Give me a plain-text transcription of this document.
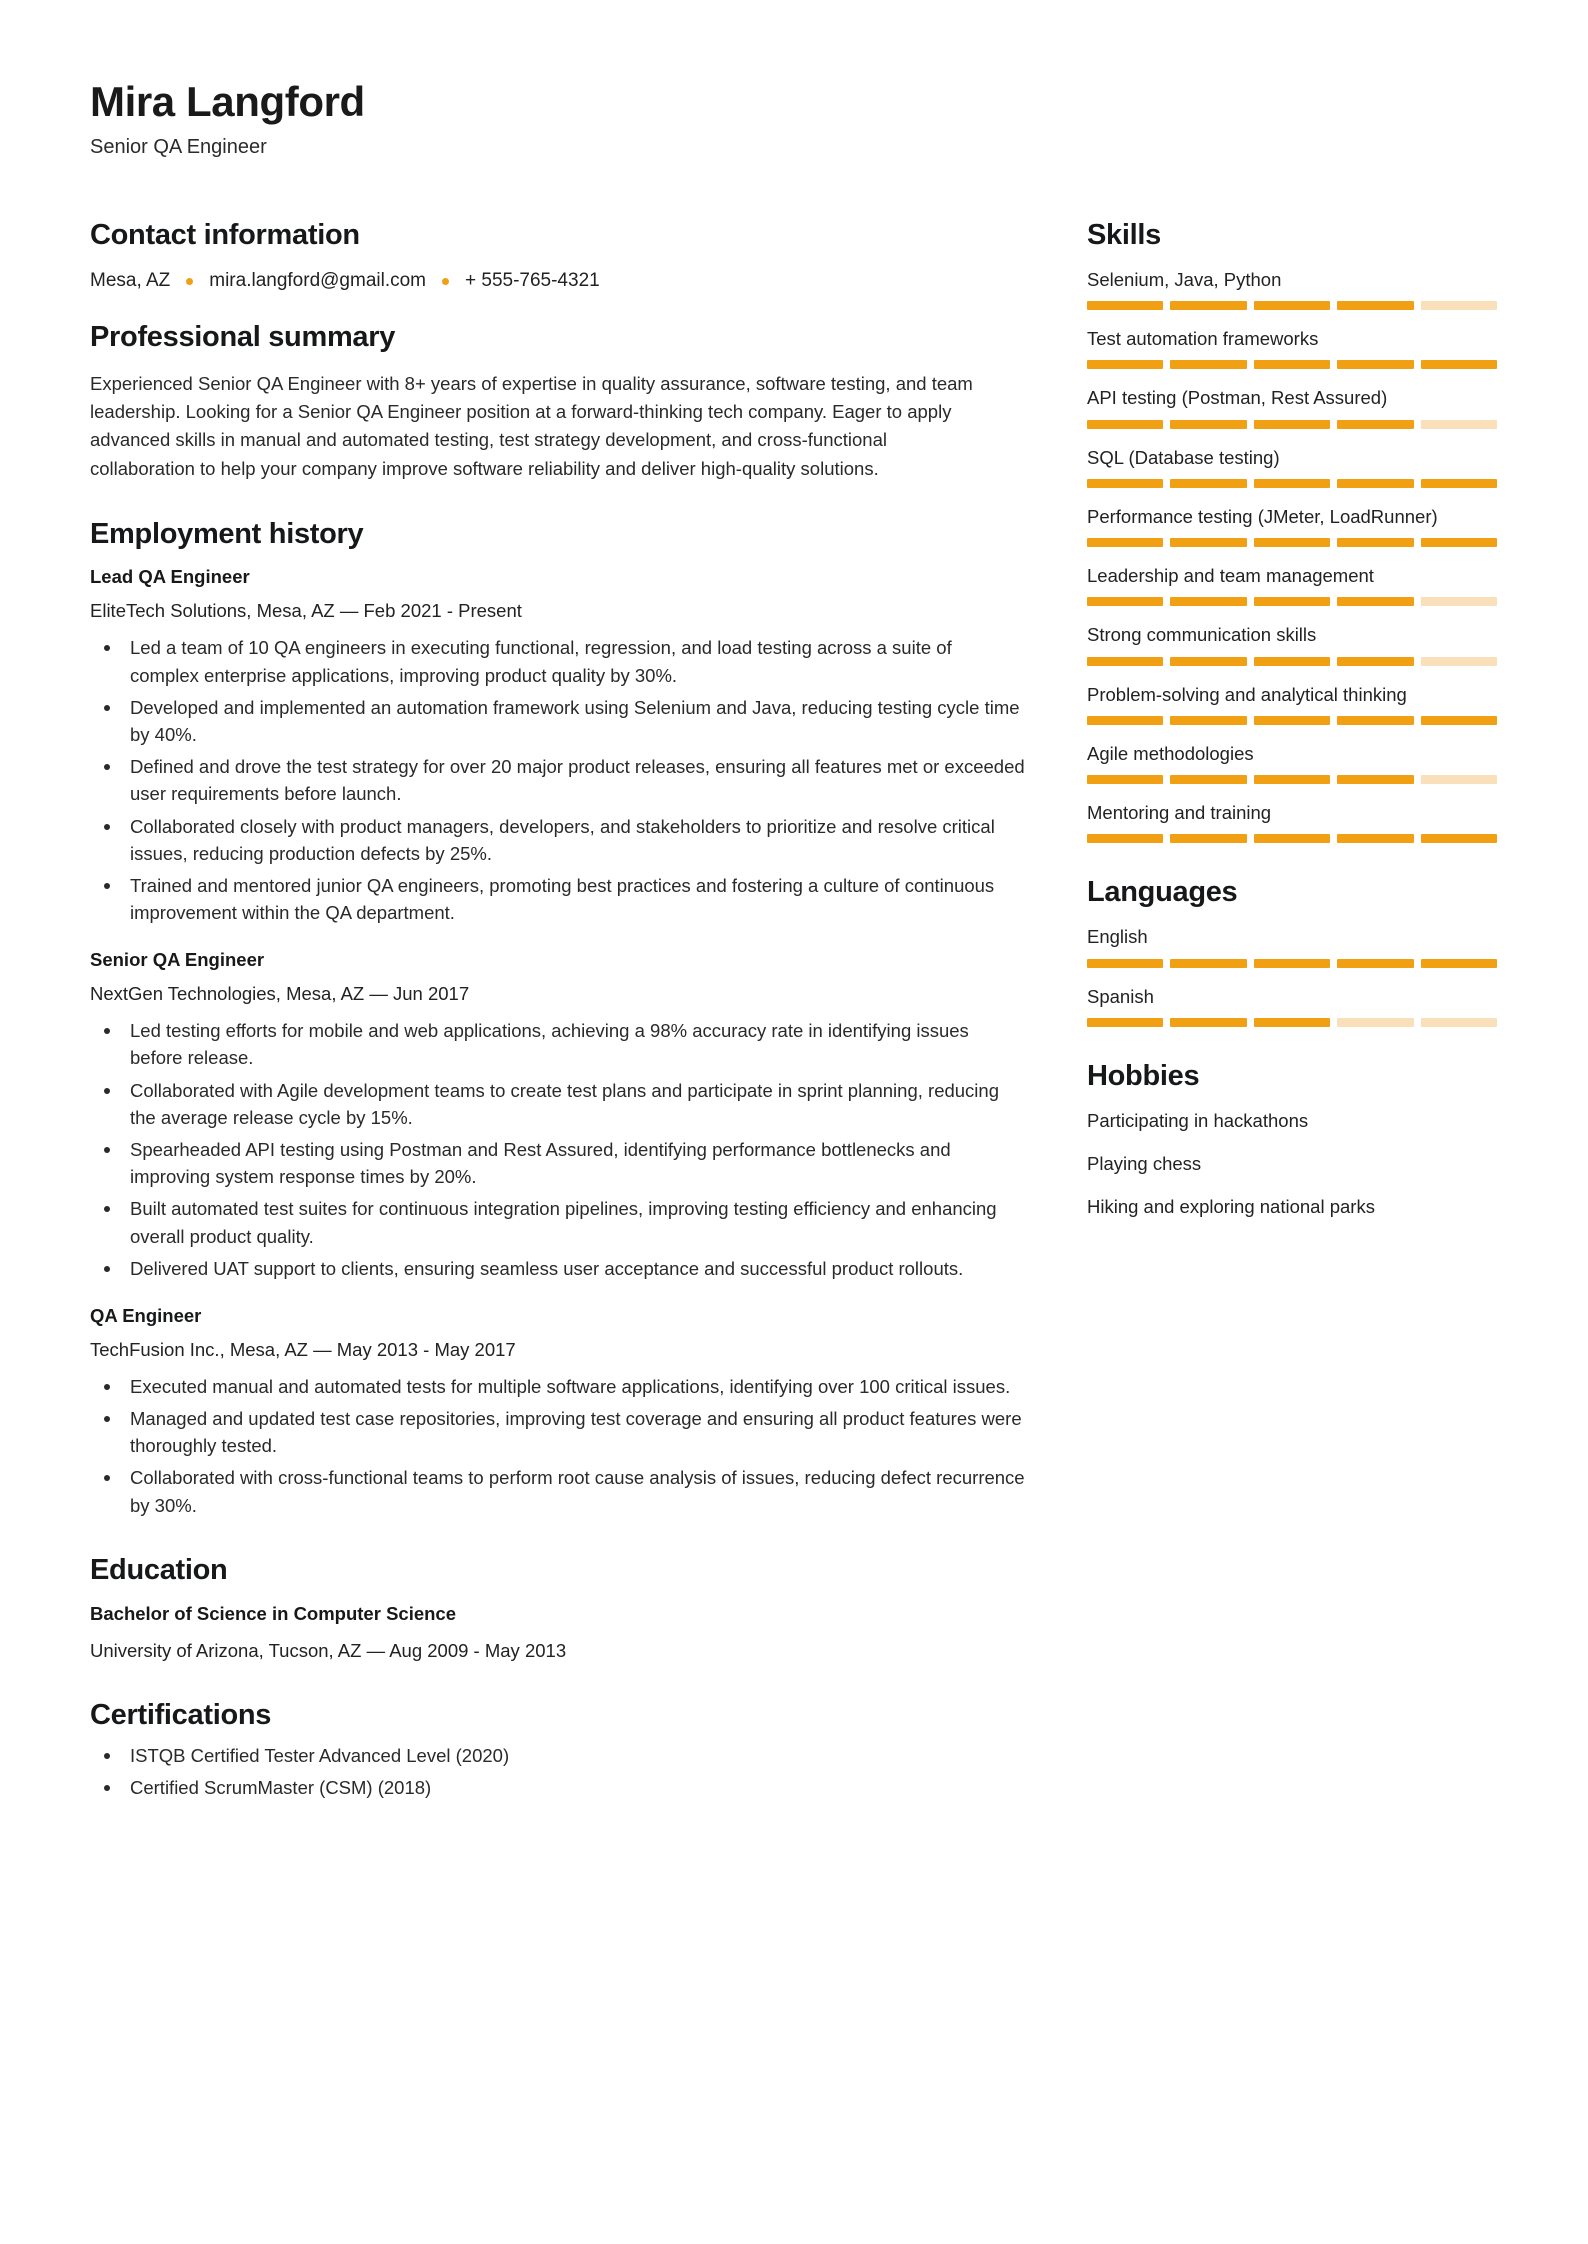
Mira Langford
Senior QA Engineer
Contact information
Mesa, AZ mira.langford@gmail.com + 555-765-4321
Professional summary

Experienced Senior QA Engineer with 8+ years of expertise in quality assurance, software testing, and team leadership. Looking for a Senior QA Engineer position at a forward-thinking tech company. Eager to apply advanced skills in manual and automated testing, test strategy development, and cross-functional collaboration to help your company improve software reliability and deliver high-quality solutions.

Employment history
Lead QA Engineer
EliteTech Solutions, Mesa, AZ — Feb 2021 - Present
Led a team of 10 QA engineers in executing functional, regression, and load testing across a suite of complex enterprise applications, improving product quality by 30%.
Developed and implemented an automation framework using Selenium and Java, reducing testing cycle time by 40%.
Defined and drove the test strategy for over 20 major product releases, ensuring all features met or exceeded user requirements before launch.
Collaborated closely with product managers, developers, and stakeholders to prioritize and resolve critical issues, reducing production defects by 25%.
Trained and mentored junior QA engineers, promoting best practices and fostering a culture of continuous improvement within the QA department.
Senior QA Engineer
NextGen Technologies, Mesa, AZ — Jun 2017
Led testing efforts for mobile and web applications, achieving a 98% accuracy rate in identifying issues before release.
Collaborated with Agile development teams to create test plans and participate in sprint planning, reducing the average release cycle by 15%.
Spearheaded API testing using Postman and Rest Assured, identifying performance bottlenecks and improving system response times by 20%.
Built automated test suites for continuous integration pipelines, improving testing efficiency and enhancing overall product quality.
Delivered UAT support to clients, ensuring seamless user acceptance and successful product rollouts.
QA Engineer
TechFusion Inc., Mesa, AZ — May 2013 - May 2017
Executed manual and automated tests for multiple software applications, identifying over 100 critical issues.
Managed and updated test case repositories, improving test coverage and ensuring all product features were thoroughly tested.
Collaborated with cross-functional teams to perform root cause analysis of issues, reducing defect recurrence by 30%.
Education
Bachelor of Science in Computer Science
University of Arizona, Tucson, AZ — Aug 2009 - May 2013
Certifications
ISTQB Certified Tester Advanced Level (2020)
Certified ScrumMaster (CSM) (2018)
Skills
Selenium, Java, Python
Test automation frameworks
API testing (Postman, Rest Assured)
SQL (Database testing)
Performance testing (JMeter, LoadRunner)
Leadership and team management
Strong communication skills
Problem-solving and analytical thinking
Agile methodologies
Mentoring and training
Languages
English
Spanish
Hobbies
Participating in hackathons
Playing chess
Hiking and exploring national parks
